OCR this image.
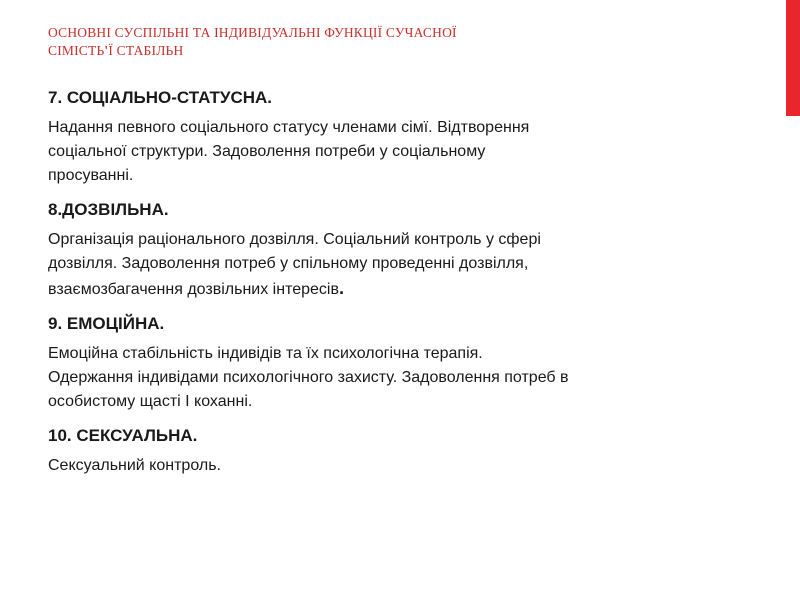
ОСНОВНІ СУСПІЛЬНІ ТА ІНДИВІДУАЛЬНІ ФУНКЦІЇ СУЧАСНОЇ
СІМІСТЬ'Ї СТАБІЛЬН

7. СОЦІАЛЬНО-СТАТУСНА.

Надання певного соціального статусу членами сімї. Відтворення
соціальної структури. Задоволення потреби у соціальному
просуванні.

8.ДОЗВІЛЬНА.

Організація раціонального дозвілля. Соціальний контроль у сфері
дозвілля. Задоволення потреб у спільному проведенні дозвілля,
взаємозбагачення дозвільних інтересів.

9. ЕМОЦІЙНА.

Емоційна стабільність індивідів та їх психологічна терапія.
Одержання індивідами психологічного захисту. Задоволення потреб в
особистому щасті І коханні.

10. СЕКСУАЛЬНА.

Сексуальний контроль.
